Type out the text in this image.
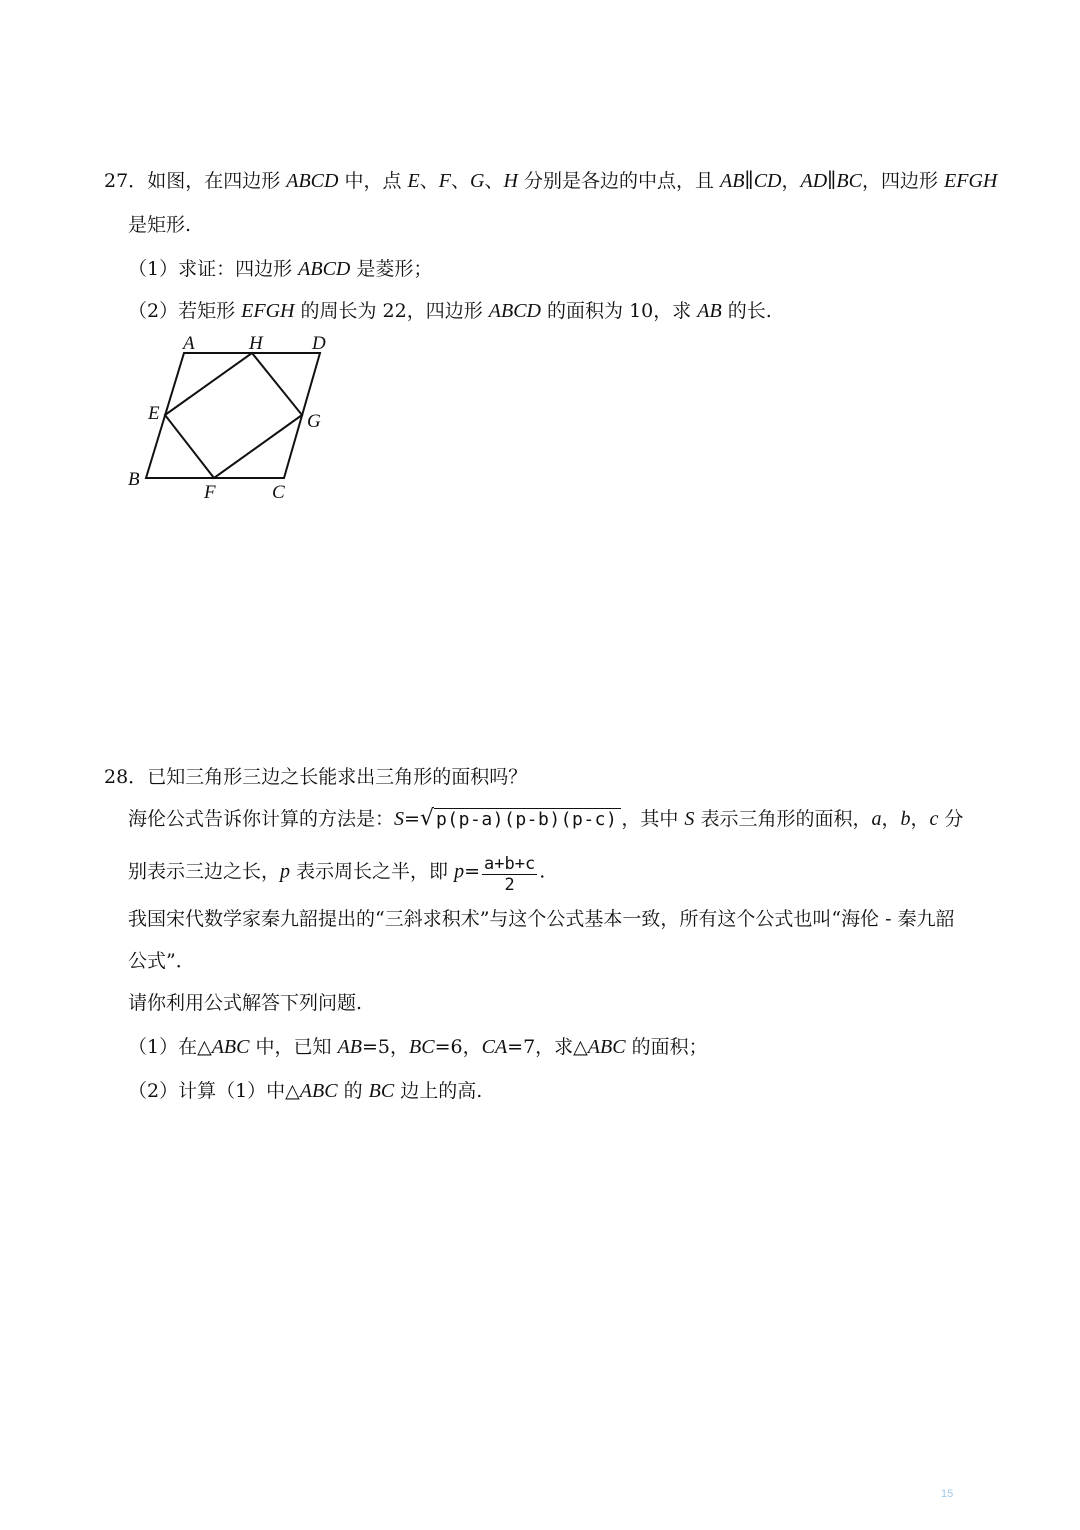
27．如图，在四边形 ABCD 中，点 E、F、G、H 分别是各边的中点，且 AB∥CD，AD∥BC，四边形 EFGH
是矩形.
（1）求证：四边形 ABCD 是菱形；
（2）若矩形 EFGH 的周长为 22，四边形 ABCD 的面积为 10，求 AB 的长.
A	H	D
E	G
B
F	C
28．已知三角形三边之长能求出三角形的面积吗？
海伦公式告诉你计算的方法是：S=√ p(p-a)(p-b)(p-c) ，其中 S 表示三角形的面积，a，b，c 分
别表示三边之长，p 表示周长之半，即 $p= \frac{a+b+c}{2}$ .
我国宋代数学家秦九韶提出的“三斜求积术”与这个公式基本一致，所有这个公式也叫“海伦 - 秦九韶
公式”．
请你利用公式解答下列问题.
（1）在△ABC 中，已知 AB=5，BC=6，CA=7，求△ABC 的面积；
（2）计算（1）中△ABC 的 BC 边上的高.
15
